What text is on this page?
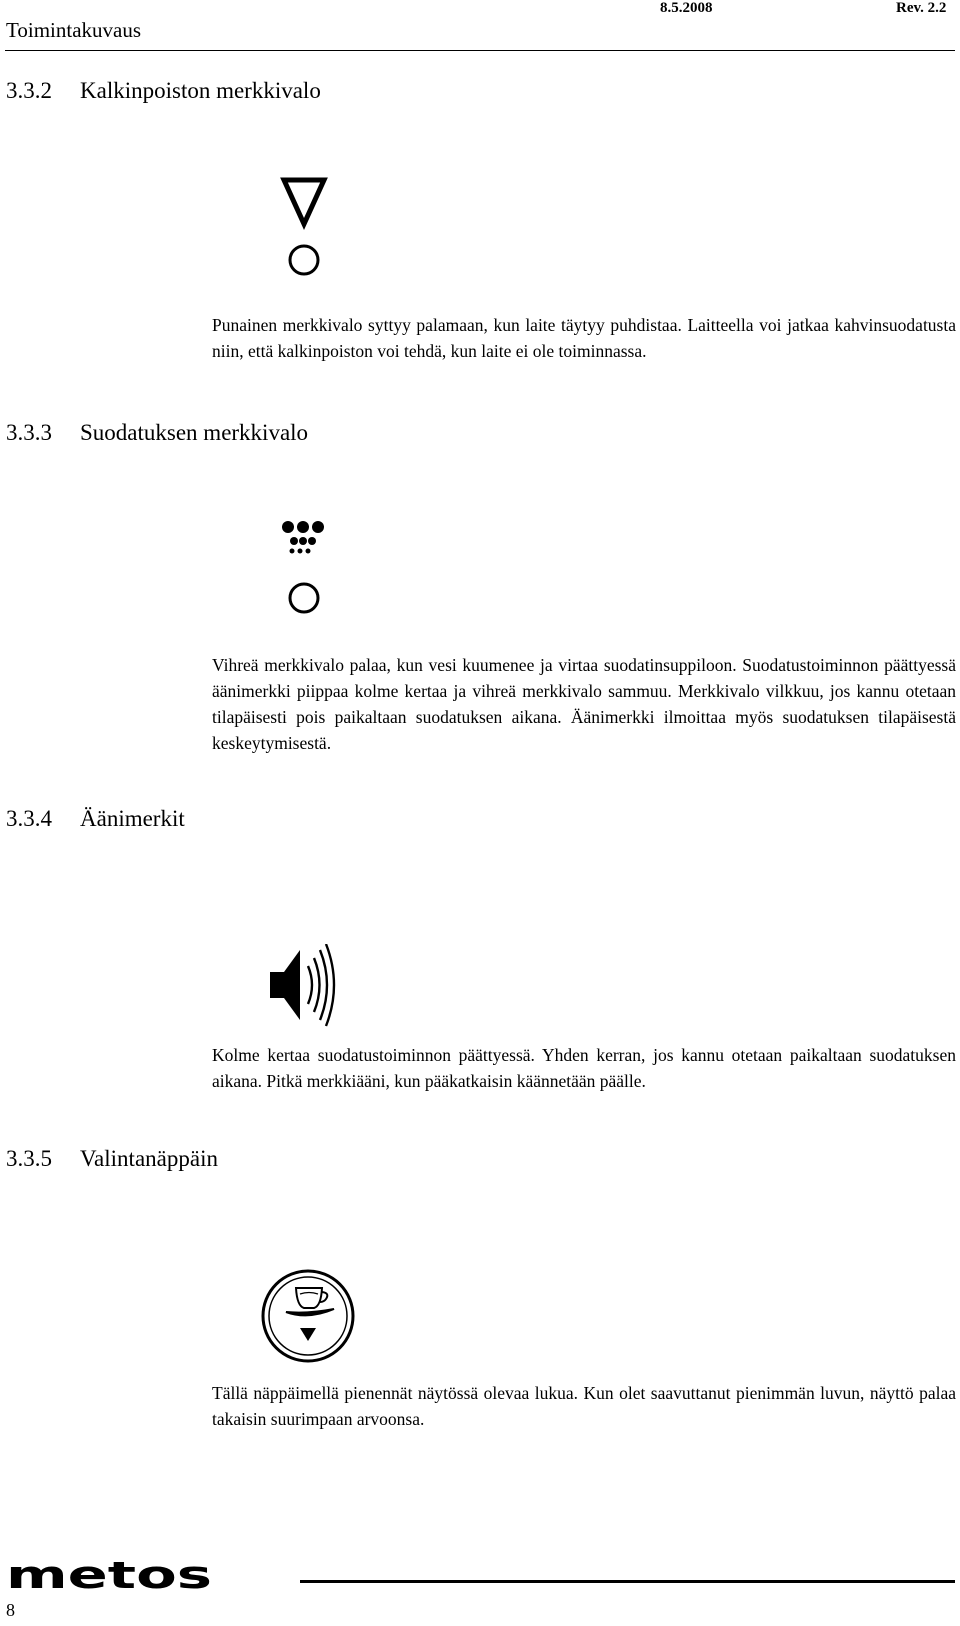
Toimintakuvaus
8.5.2008	Rev. 2.2
3.3.2 Kalkinpoiston merkkivalo
Punainen merkkivalo syttyy palamaan, kun laite täytyy puhdistaa. Laitteella voi jatkaa kahvinsuodatusta niin, että kalkinpoiston voi tehdä, kun laite ei ole toiminnassa.
3.3.3 Suodatuksen merkkivalo
Vihreä merkkivalo palaa, kun vesi kuumenee ja virtaa suodatinsuppiloon. Suodatustoiminnon päättyessä äänimerkki piippaa kolme kertaa ja vihreä merkkivalo sammuu. Merkkivalo vilkkuu, jos kannu otetaan tilapäisesti pois paikaltaan suodatuksen aikana. Äänimerkki ilmoittaa myös suodatuksen tilapäisestä keskeytymisestä.
3.3.4 Äänimerkit
Kolme kertaa suodatustoiminnon päättyessä. Yhden kerran, jos kannu otetaan paikaltaan suodatuksen aikana. Pitkä merkkiääni, kun pääkatkaisin käännetään päälle.
3.3.5 Valintanäppäin
Tällä näppäimellä pienennät näytössä olevaa lukua. Kun olet saavuttanut pienimmän luvun, näyttö palaa takaisin suurimpaan arvoonsa.
metos
8
